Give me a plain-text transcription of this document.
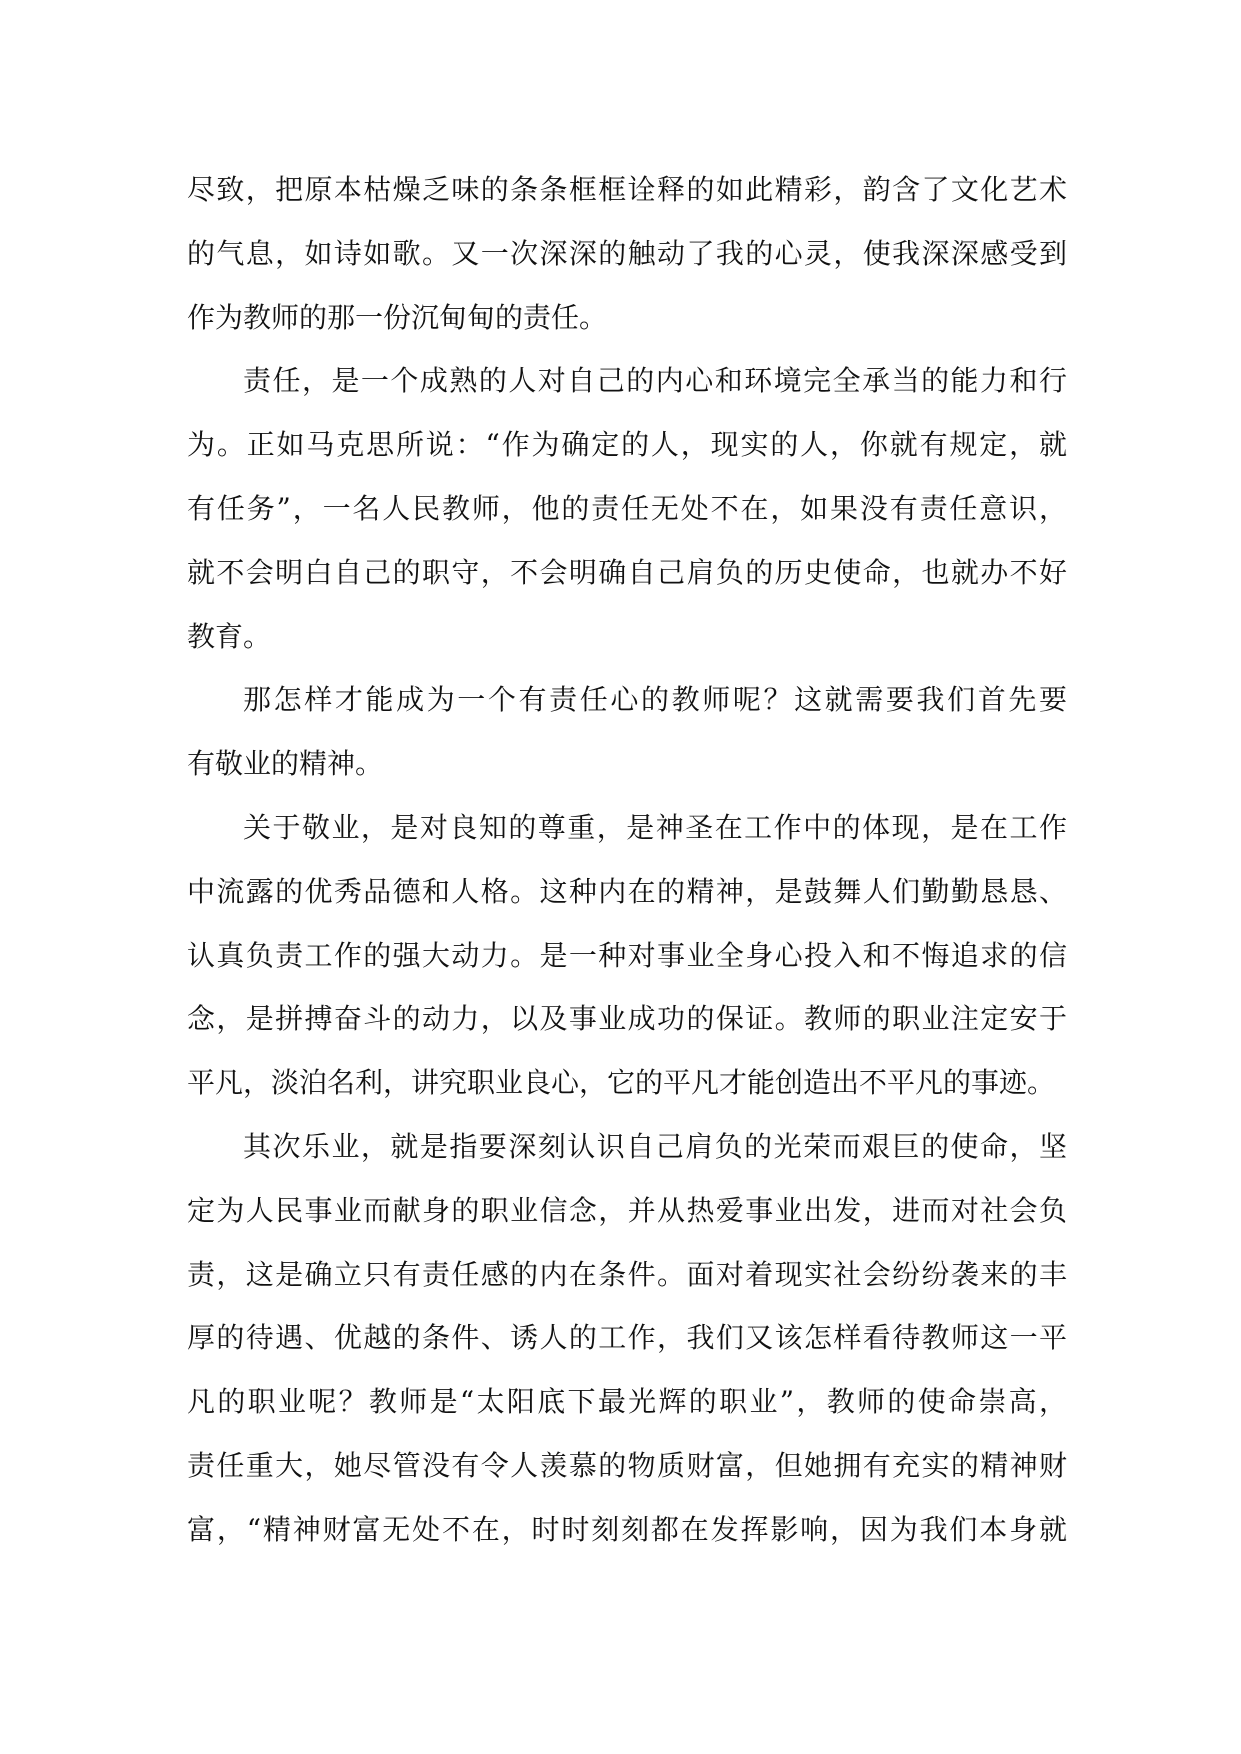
尽致，把原本枯燥乏味的条条框框诠释的如此精彩，韵含了文化艺术
的气息，如诗如歌。又一次深深的触动了我的心灵，使我深深感受到
作为教师的那一份沉甸甸的责任。
责任，是一个成熟的人对自己的内心和环境完全承当的能力和行
为。正如马克思所说：“作为确定的人，现实的人，你就有规定，就
有任务”，一名人民教师，他的责任无处不在，如果没有责任意识，
就不会明白自己的职守，不会明确自己肩负的历史使命，也就办不好
教育。
那怎样才能成为一个有责任心的教师呢？这就需要我们首先要
有敬业的精神。
关于敬业，是对良知的尊重，是神圣在工作中的体现，是在工作
中流露的优秀品德和人格。这种内在的精神，是鼓舞人们勤勤恳恳、
认真负责工作的强大动力。是一种对事业全身心投入和不悔追求的信
念，是拼搏奋斗的动力，以及事业成功的保证。教师的职业注定安于
平凡，淡泊名利，讲究职业良心，它的平凡才能创造出不平凡的事迹。
其次乐业，就是指要深刻认识自己肩负的光荣而艰巨的使命，坚
定为人民事业而献身的职业信念，并从热爱事业出发，进而对社会负
责，这是确立只有责任感的内在条件。面对着现实社会纷纷袭来的丰
厚的待遇、优越的条件、诱人的工作，我们又该怎样看待教师这一平
凡的职业呢？教师是“太阳底下最光辉的职业”，教师的使命崇高，
责任重大，她尽管没有令人羡慕的物质财富，但她拥有充实的精神财
富，“精神财富无处不在，时时刻刻都在发挥影响，因为我们本身就
